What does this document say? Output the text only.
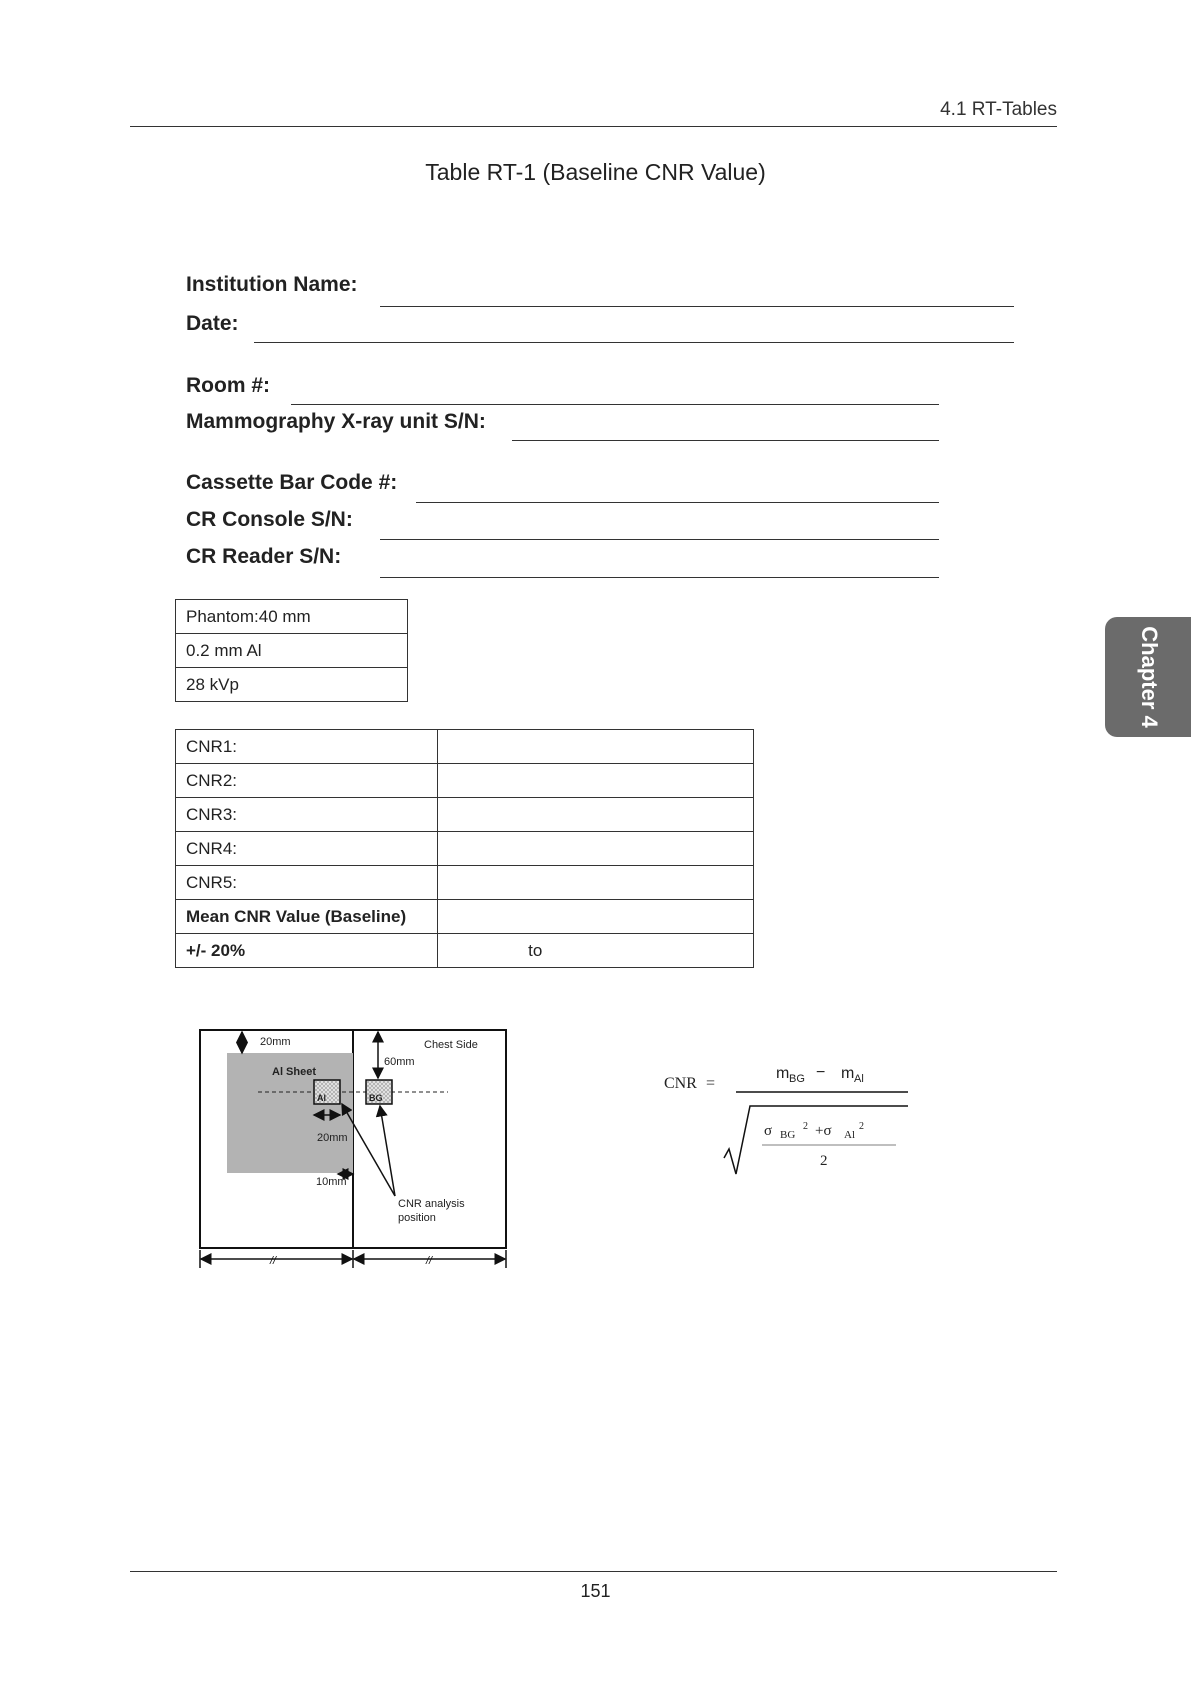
4.1 RT-Tables
Table RT-1 (Baseline CNR Value)
Institution Name:
Date:
Room #:
Mammography X-ray unit S/N:
Cassette Bar Code #:
CR Console S/N:
CR Reader S/N:
Phantom:40 mm
0.2 mm Al
28 kVp
CNR1:	
CNR2:	
CNR3:	
CNR4:	
CNR5:	
Mean CNR Value (Baseline)	
+/- 20%	to
20mm	Chest Side
60mm
Al Sheet
Al	BG
20mm
10mm
CNR analysis
position
//	//
CNR =
m BG − m Al
σ BG
2 +σ Al
2
2
Chapter 4
151
